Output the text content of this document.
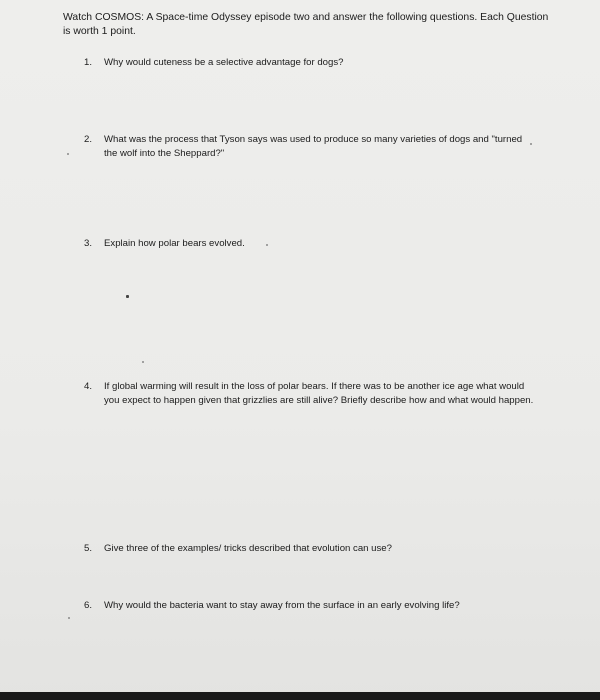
Watch COSMOS: A Space-time Odyssey episode two and answer the following questions. Each Question is worth 1 point.
1.	Why would cuteness be a selective advantage for dogs?
2.	What was the process that Tyson says was used to produce so many varieties of dogs and "turned the wolf into the Sheppard?"
3.	Explain how polar bears evolved.
4.	If global warming will result in the loss of polar bears. If there was to be another ice age what would you expect to happen given that grizzlies are still alive? Briefly describe how and what would happen.
5.	Give three of the examples/ tricks described that evolution can use?
6.	Why would the bacteria want to stay away from the surface in an early evolving life?
